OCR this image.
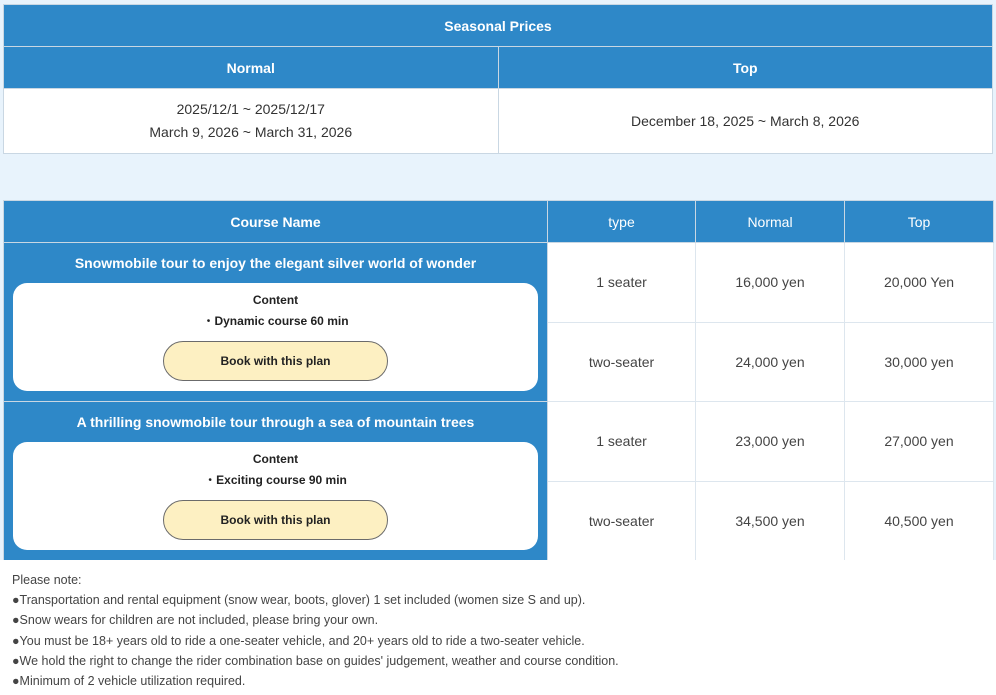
Seasonal Prices	
Normal	Top

2025/12/1 ~ 2025/12/17
March 9, 2026 ~ March 31, 2026	December 18, 2025 ~ March 8, 2026
Course Name	type	Normal	Top

Snowmobile tour to enjoy the elegant silver world of wonder
Content
・Dynamic course 60 min
Book with this plan	1 seater	16,000 yen	20,000 Yen
	two-seater	24,000 yen	30,000 yen

A thrilling snowmobile tour through a sea of mountain trees
Content
・Exciting course 90 min
Book with this plan	1 seater	23,000 yen	27,000 yen
	two-seater	34,500 yen	40,500 yen
Please note:
●Transportation and rental equipment (snow wear, boots, glover) 1 set included (women size S and up).
●Snow wears for children are not included, please bring your own.
●You must be 18+ years old to ride a one-seater vehicle, and 20+ years old to ride a two-seater vehicle.
●We hold the right to change the rider combination base on guides' judgement, weather and course condition.
●Minimum of 2 vehicle utilization required.
